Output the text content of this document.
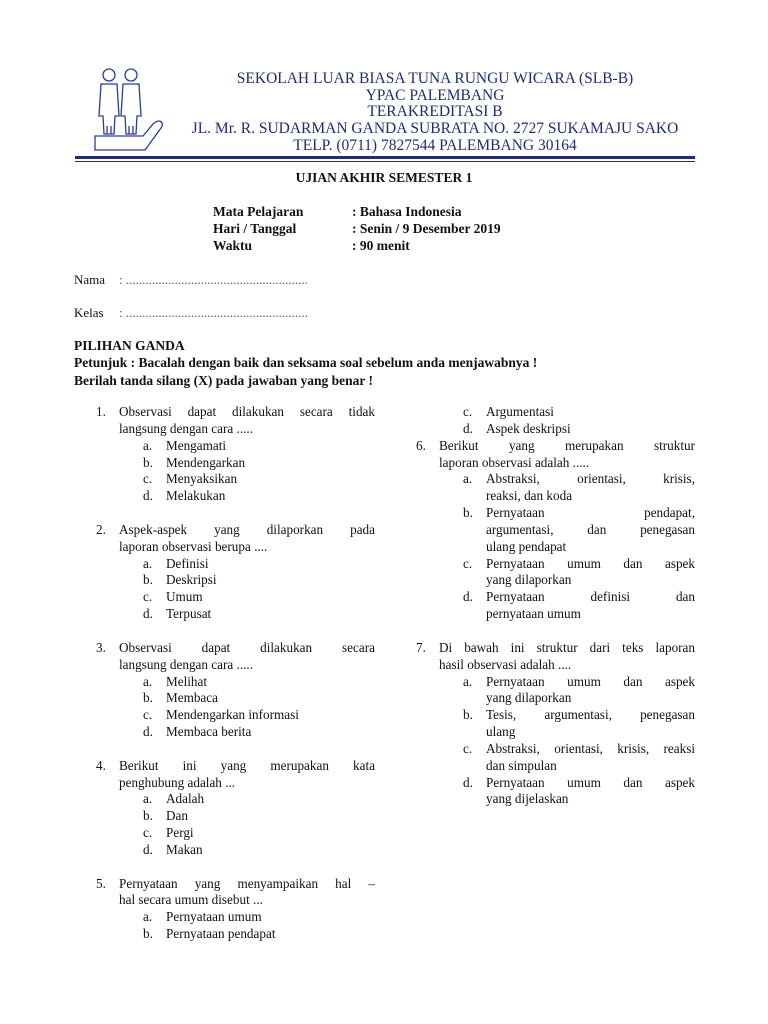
SEKOLAH LUAR BIASA TUNA RUNGU WICARA (SLB-B)
YPAC PALEMBANG
TERAKREDITASI B
JL. Mr. R. SUDARMAN GANDA SUBRATA NO. 2727 SUKAMAJU SAKO
TELP. (0711) 7827544 PALEMBANG 30164
UJIAN AKHIR SEMESTER 1
Mata Pelajaran	: Bahasa Indonesia
Hari / Tanggal	: Senin / 9 Desember 2019
Waktu	: 90 menit
Nama : ........................................................
Kelas : ........................................................
PILIHAN GANDA
Petunjuk : Bacalah dengan baik dan seksama soal sebelum anda menjawabnya !
Berilah tanda silang (X) pada jawaban yang benar !
1. Observasi dapat dilakukan secara tidak
langsung dengan cara .....
a. Mengamati
b. Mendengarkan
c. Menyaksikan
d. Melakukan
2. Aspek-aspek yang dilaporkan pada
laporan observasi berupa ....
a. Definisi
b. Deskripsi
c. Umum
d. Terpusat
3. Observasi dapat dilakukan secara
langsung dengan cara .....
a. Melihat
b. Membaca
c. Mendengarkan informasi
d. Membaca berita
4. Berikut ini yang merupakan kata
penghubung adalah ...
a. Adalah
b. Dan
c. Pergi
d. Makan
5. Pernyataan yang menyampaikan hal –
hal secara umum disebut ...
a. Pernyataan umum
b. Pernyataan pendapat
c. Argumentasi
d. Aspek deskripsi
6. Berikut yang merupakan struktur
laporan observasi adalah .....
a. Abstraksi, orientasi, krisis,
reaksi, dan koda
b. Pernyataan pendapat,
argumentasi, dan penegasan
ulang pendapat
c. Pernyataan umum dan aspek
yang dilaporkan
d. Pernyataan definisi dan
pernyataan umum
7. Di bawah ini struktur dari teks laporan
hasil observasi adalah ....
a. Pernyataan umum dan aspek
yang dilaporkan
b. Tesis, argumentasi, penegasan
ulang
c. Abstraksi, orientasi, krisis, reaksi
dan simpulan
d. Pernyataan umum dan aspek
yang dijelaskan
